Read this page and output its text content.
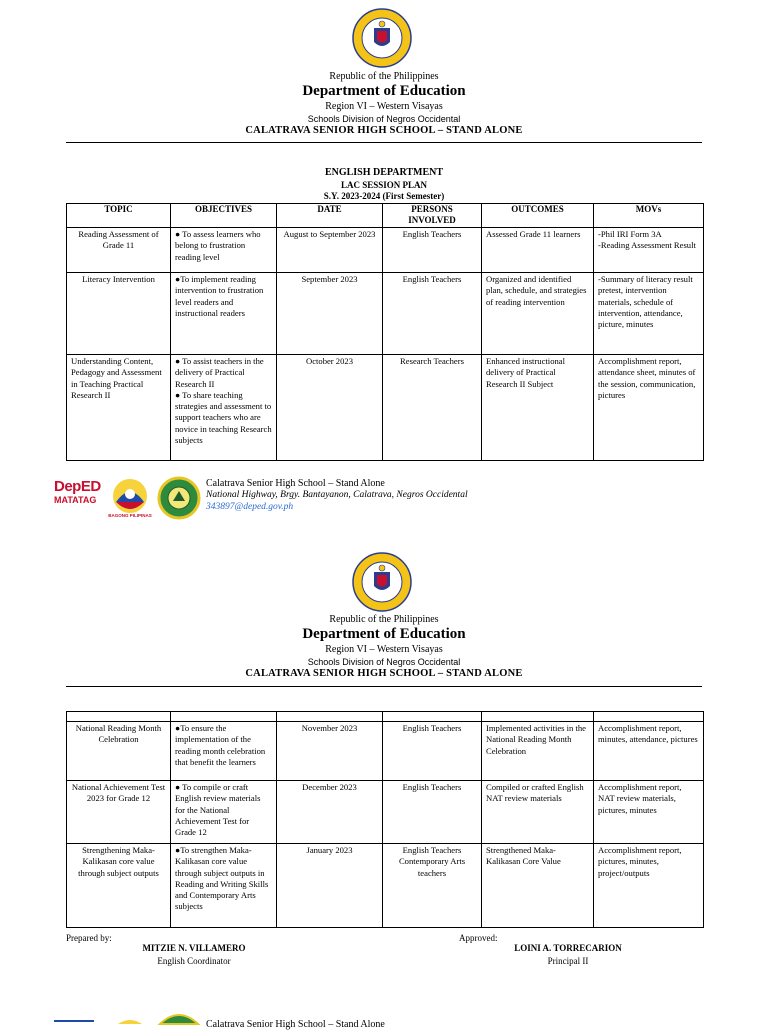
Republic of the Philippines
Department of Education
Region VI – Western Visayas
Schools Division of Negros Occidental
CALATRAVA SENIOR HIGH SCHOOL – STAND ALONE
ENGLISH DEPARTMENT
LAC SESSION PLAN
S.Y. 2023-2024 (First Semester)
TOPIC	OBJECTIVES	DATE	PERSONS INVOLVED	OUTCOMES	MOVs
Reading Assessment of Grade 11	● To assess learners who belong to frustration reading level	August to September 2023	English Teachers	Assessed Grade 11 learners	-Phil IRI Form 3A
-Reading Assessment Result
Literacy Intervention	●To implement reading intervention to frustration level readers and instructional readers	September 2023	English Teachers	Organized and identified plan, schedule, and strategies of reading intervention	-Summary of literacy result pretest, intervention materials, schedule of intervention, attendance, picture, minutes
Understanding Content, Pedagogy and Assessment in Teaching Practical Research II	● To assist teachers in the delivery of Practical Research II
● To share teaching strategies and assessment to support teachers who are novice in teaching Research subjects	October 2023	Research Teachers	Enhanced instructional delivery of Practical Research II Subject	Accomplishment report, attendance sheet, minutes of the session, communication, pictures
DepED
MATATAG
BAGONG PILIPINAS
Calatrava Senior High School – Stand Alone
National Highway, Brgy. Bantayanon, Calatrava, Negros Occidental
343897@deped.gov.ph
Republic of the Philippines
Department of Education
Region VI – Western Visayas
Schools Division of Negros Occidental
CALATRAVA SENIOR HIGH SCHOOL – STAND ALONE

National Reading Month Celebration	●To ensure the implementation of the reading month celebration that benefit the learners	November 2023	English Teachers	Implemented activities in the National Reading Month Celebration	Accomplishment report, minutes, attendance, pictures
National Achievement Test 2023 for Grade 12	● To compile or craft English review materials for the National Achievement Test for Grade 12	December 2023	English Teachers	Compiled or crafted English NAT review materials	Accomplishment report, NAT review materials, pictures, minutes
Strengthening Maka-Kalikasan core value through subject outputs	●To strengthen Maka-Kalikasan core value through subject outputs in Reading and Writing Skills and Contemporary Arts subjects	January 2023	English Teachers Contemporary Arts teachers	Strengthened Maka-Kalikasan Core Value	Accomplishment report, pictures, minutes, project/outputs
Prepared by:
MITZIE N. VILLAMERO
English Coordinator
Approved:
LOINI A. TORRECARION
Principal II
Calatrava Senior High School – Stand Alone
